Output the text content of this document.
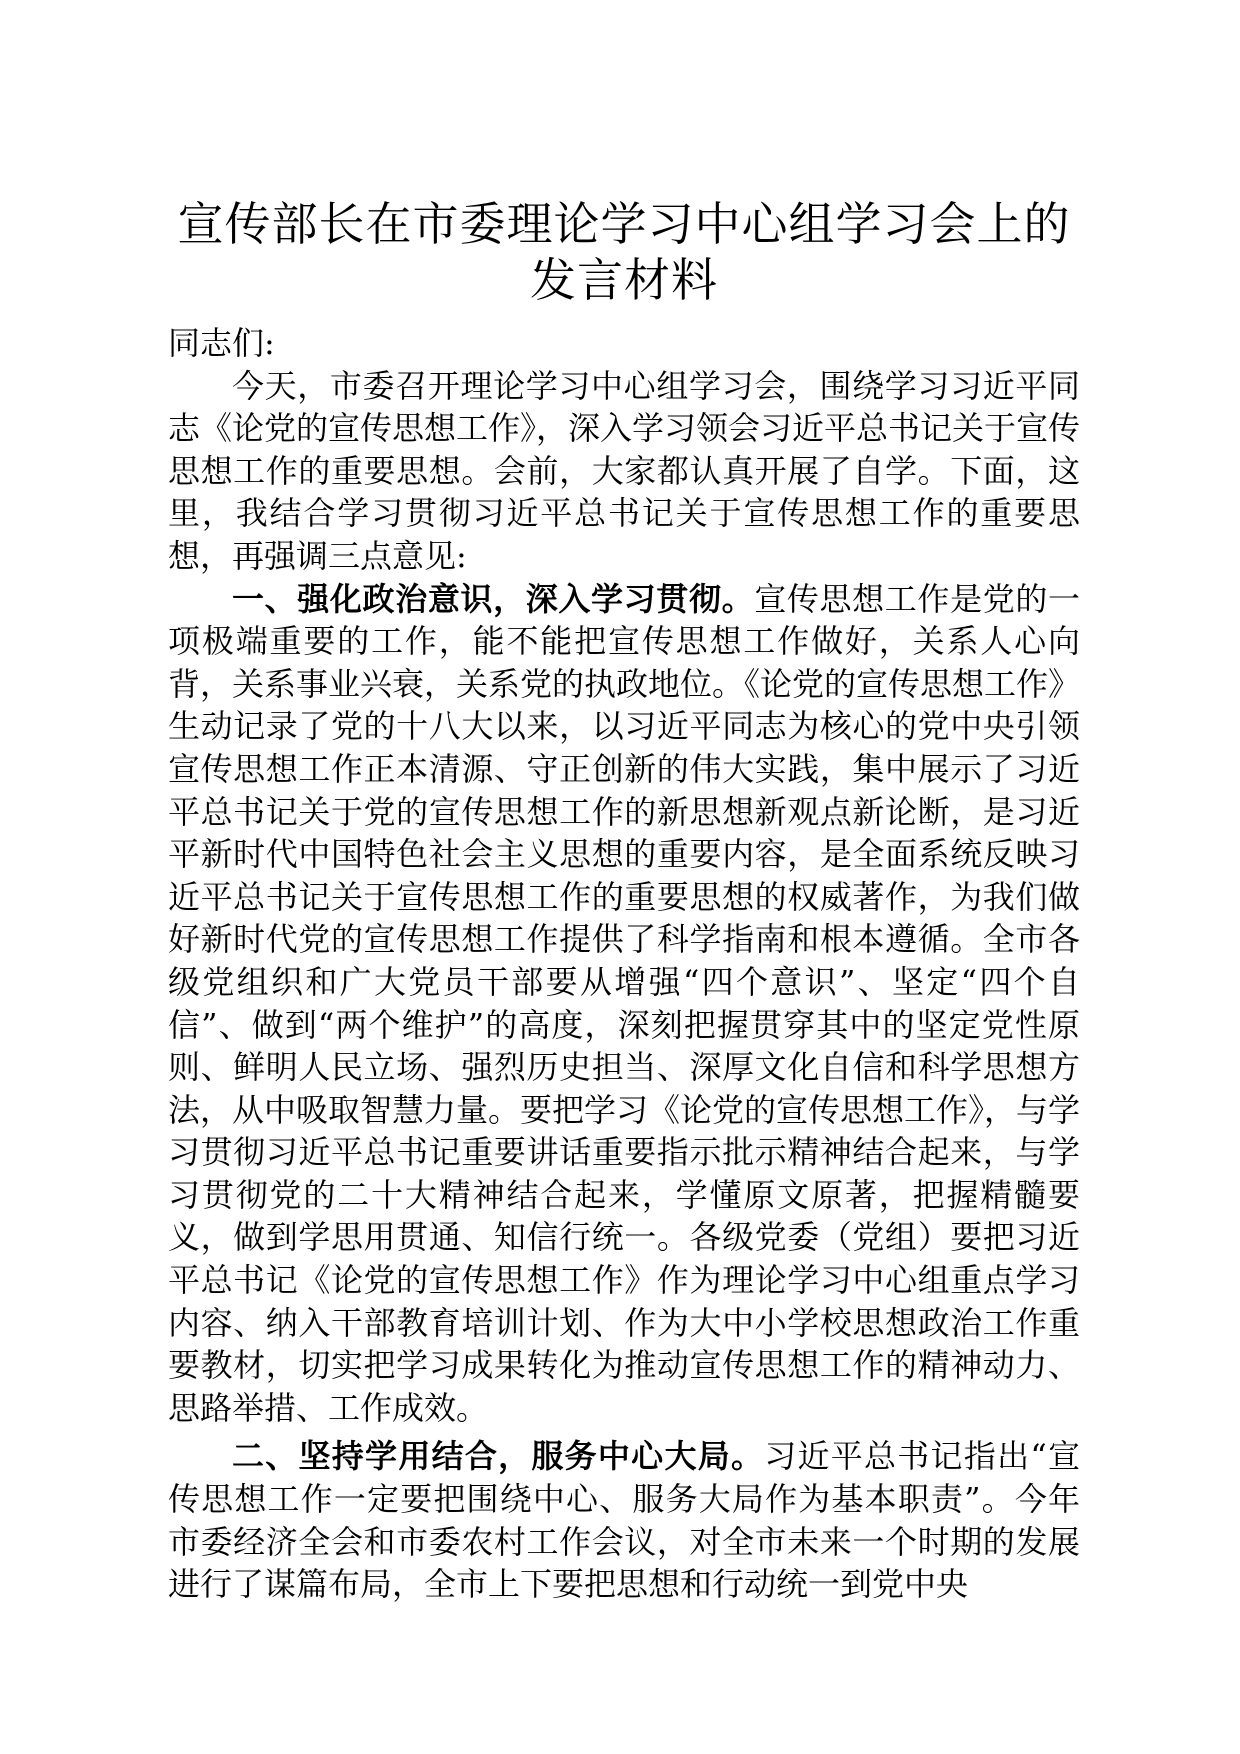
宣传部长在市委理论学习中心组学习会上的发言材料

同志们:

今天，市委召开理论学习中心组学习会，围绕学习习近平同志《论党的宣传思想工作》，深入学习领会习近平总书记关于宣传思想工作的重要思想。会前，大家都认真开展了自学。下面，这里，我结合学习贯彻习近平总书记关于宣传思想工作的重要思想，再强调三点意见:

一、强化政治意识，深入学习贯彻。宣传思想工作是党的一项极端重要的工作，能不能把宣传思想工作做好，关系人心向背，关系事业兴衰，关系党的执政地位。《论党的宣传思想工作》生动记录了党的十八大以来，以习近平同志为核心的党中央引领宣传思想工作正本清源、守正创新的伟大实践，集中展示了习近平总书记关于党的宣传思想工作的新思想新观点新论断，是习近平新时代中国特色社会主义思想的重要内容，是全面系统反映习近平总书记关于宣传思想工作的重要思想的权威著作，为我们做好新时代党的宣传思想工作提供了科学指南和根本遵循。全市各级党组织和广大党员干部要从增强“四个意识”、坚定“四个自信”、做到“两个维护”的高度，深刻把握贯穿其中的坚定党性原则、鲜明人民立场、强烈历史担当、深厚文化自信和科学思想方法，从中吸取智慧力量。要把学习《论党的宣传思想工作》，与学习贯彻习近平总书记重要讲话重要指示批示精神结合起来，与学习贯彻党的二十大精神结合起来，学懂原文原著，把握精髓要义，做到学思用贯通、知信行统一。各级党委（党组）要把习近平总书记《论党的宣传思想工作》作为理论学习中心组重点学习内容、纳入干部教育培训计划、作为大中小学校思想政治工作重要教材，切实把学习成果转化为推动宣传思想工作的精神动力、思路举措、工作成效。

二、坚持学用结合，服务中心大局。习近平总书记指出“宣传思想工作一定要把围绕中心、服务大局作为基本职责”。今年市委经济全会和市委农村工作会议，对全市未来一个时期的发展进行了谋篇布局，全市上下要把思想和行动统一到党中央
